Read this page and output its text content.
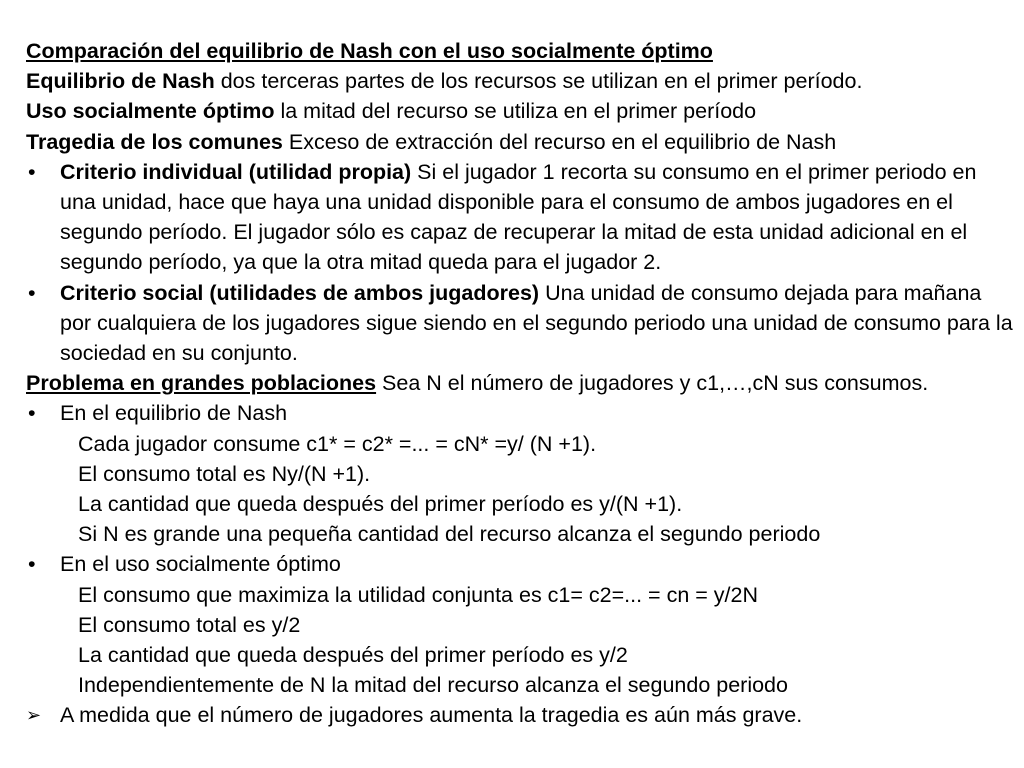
Comparación del equilibrio de Nash con el uso socialmente óptimo
Equilibrio de Nash dos terceras partes de los recursos se utilizan en el primer período.
Uso socialmente óptimo la mitad del recurso se utiliza en el primer período
Tragedia de los comunes Exceso de extracción del recurso en el equilibrio de Nash
• Criterio individual (utilidad propia) Si el jugador 1 recorta su consumo en el primer periodo en una unidad, hace que haya una unidad disponible para el consumo de ambos jugadores en el segundo período. El jugador sólo es capaz de recuperar la mitad de esta unidad adicional en el segundo período, ya que la otra mitad queda para el jugador 2.
• Criterio social (utilidades de ambos jugadores) Una unidad de consumo dejada para mañana por cualquiera de los jugadores sigue siendo en el segundo periodo una unidad de consumo para la sociedad en su conjunto.
Problema en grandes poblaciones Sea N el número de jugadores y c1,…,cN sus consumos.
• En el equilibrio de Nash
Cada jugador consume c1* = c2* =... = cN* =y/ (N +1).
El consumo total es Ny/(N +1).
La cantidad que queda después del primer período es y/(N +1).
Si N es grande una pequeña cantidad del recurso alcanza el segundo periodo
• En el uso socialmente óptimo
El consumo que maximiza la utilidad conjunta es c1= c2=... = cn = y/2N
El consumo total es y/2
La cantidad que queda después del primer período es y/2
Independientemente de N la mitad del recurso alcanza el segundo periodo
➢ A medida que el número de jugadores aumenta la tragedia es aún más grave.
